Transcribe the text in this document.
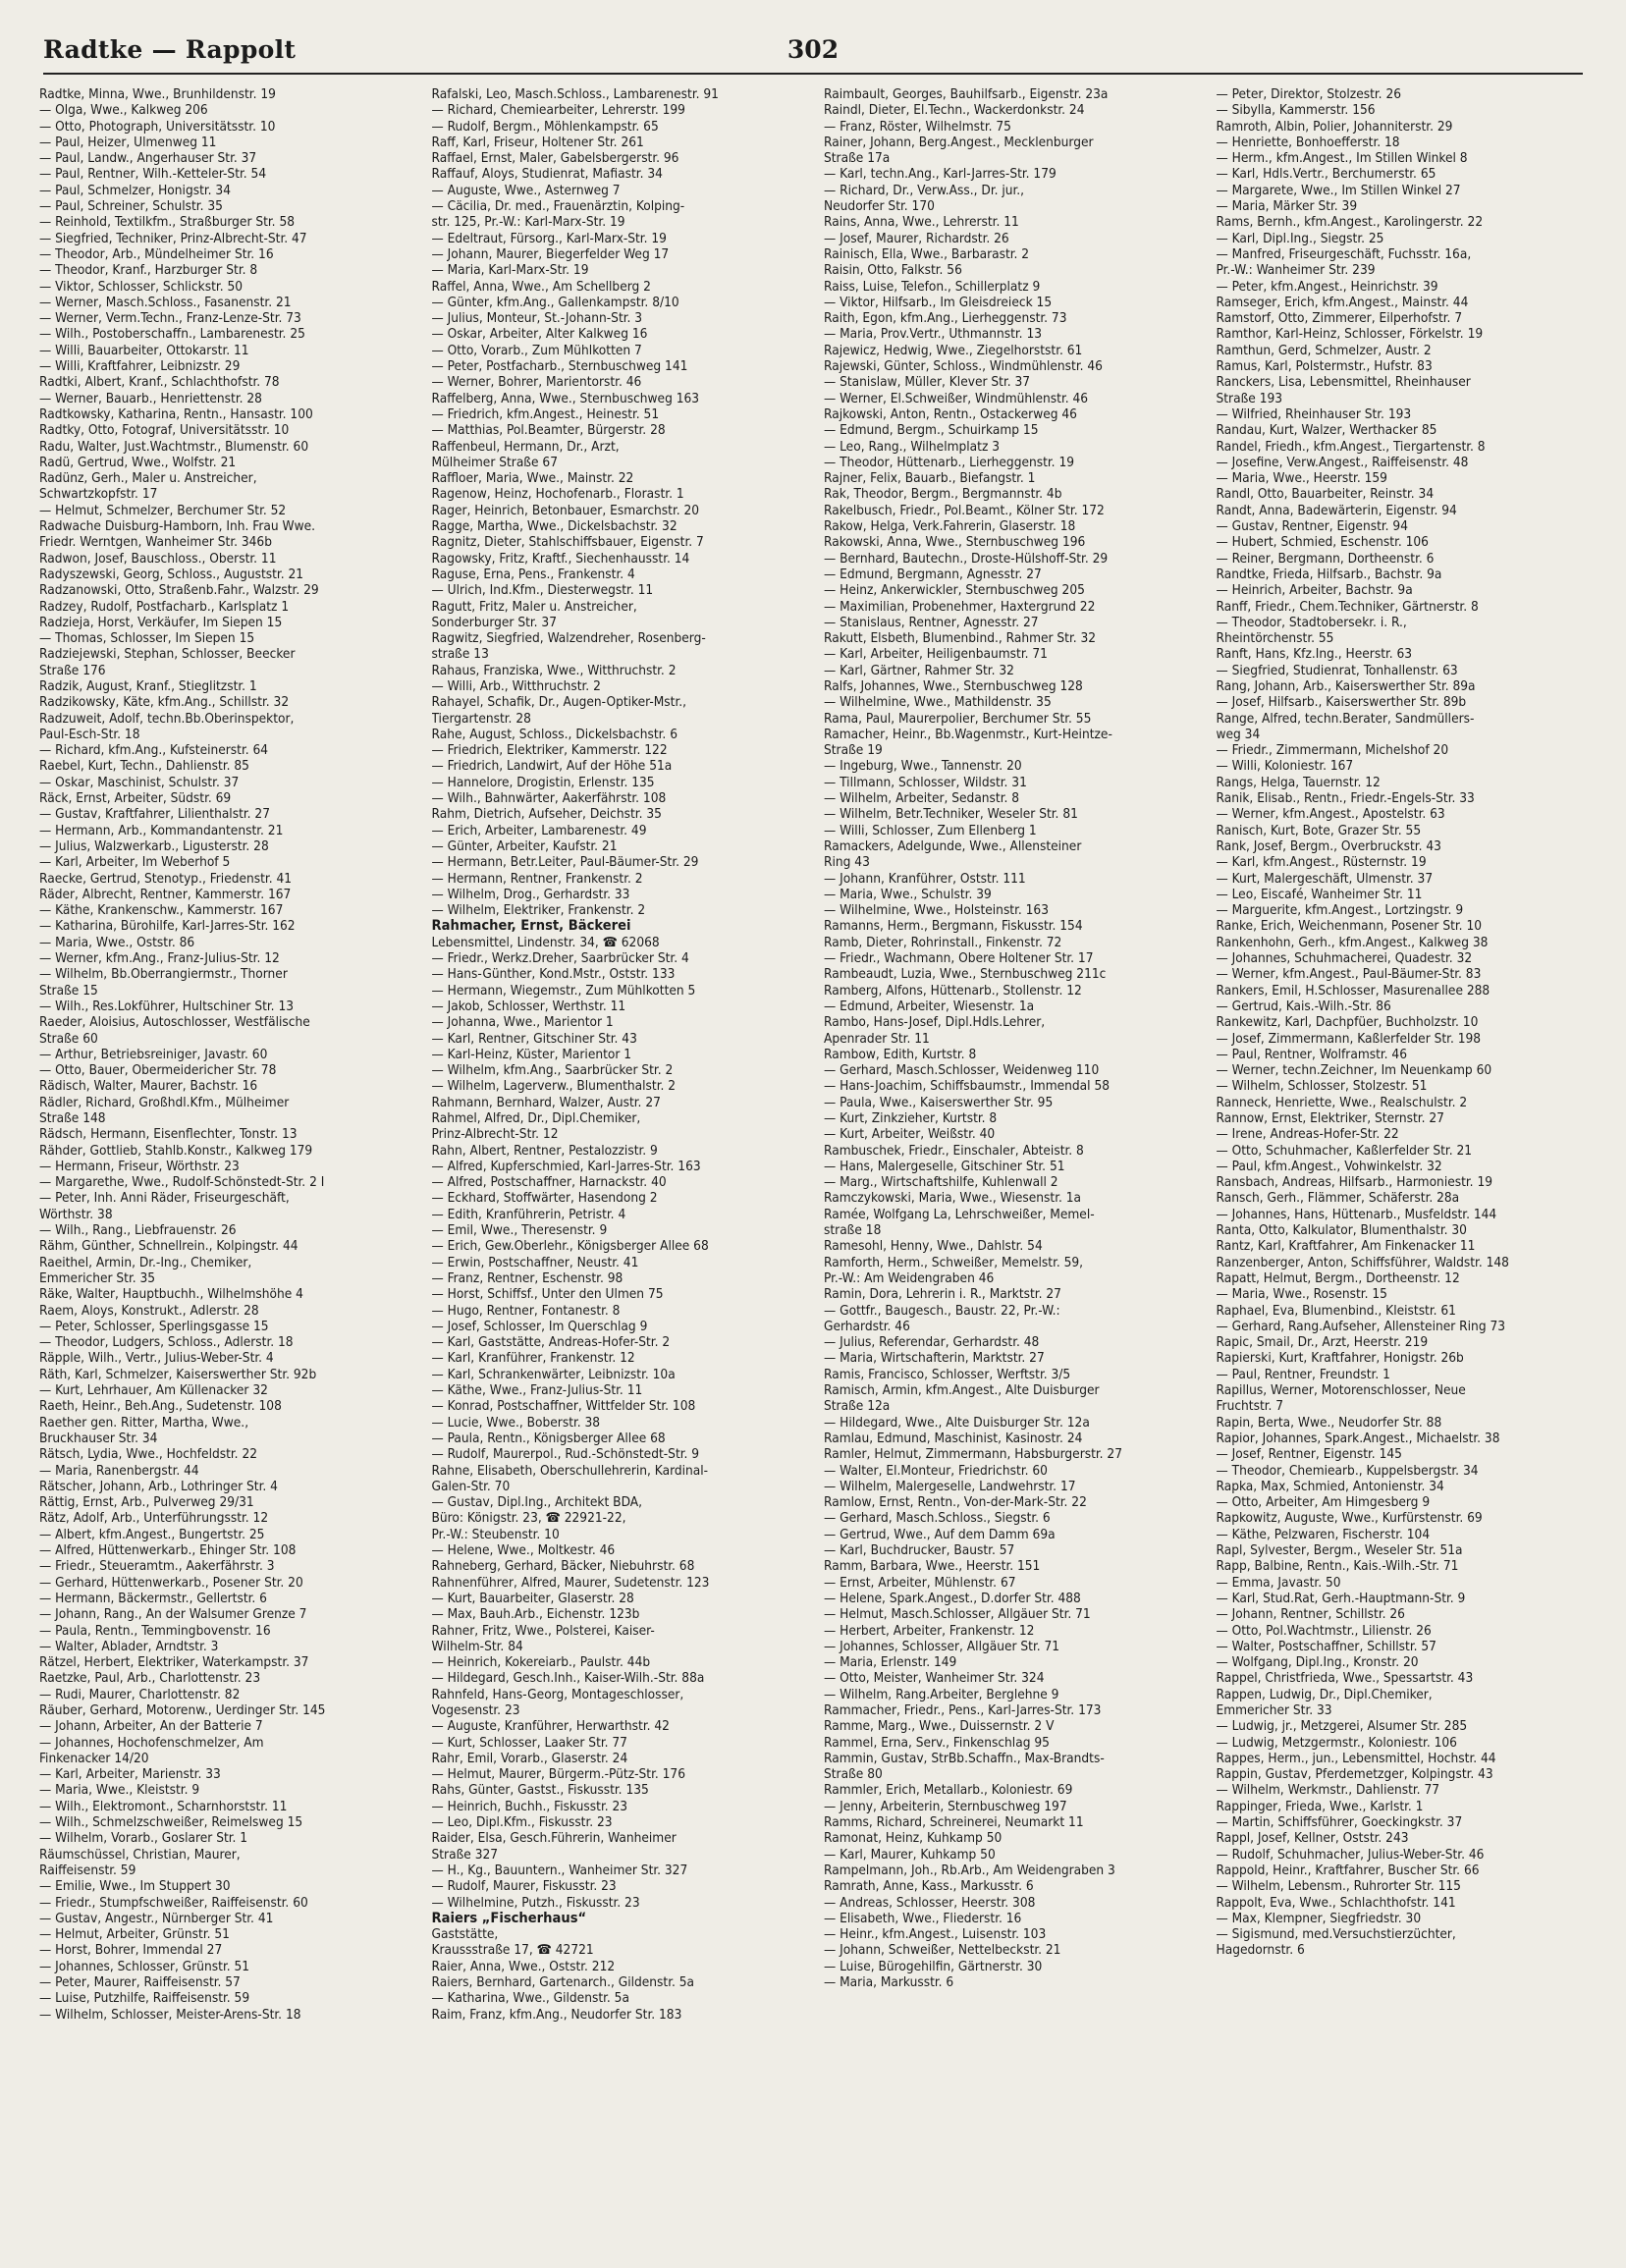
Radtke — Rappolt	302
Radtke, Minna, Wwe., Brunhildenstr. 19
— Olga, Wwe., Kalkweg 206
— Otto, Photograph, Universitätsstr. 10
— Paul, Heizer, Ulmenweg 11
— Paul, Landw., Angerhauser Str. 37
— Paul, Rentner, Wilh.-Ketteler-Str. 54
— Paul, Schmelzer, Honigstr. 34
— Paul, Schreiner, Schulstr. 35
— Reinhold, Textilkfm., Straßburger Str. 58
— Siegfried, Techniker, Prinz-Albrecht-Str. 47
— Theodor, Arb., Mündelheimer Str. 16
— Theodor, Kranf., Harzburger Str. 8
— Viktor, Schlosser, Schlickstr. 50
— Werner, Masch.Schloss., Fasanenstr. 21
— Werner, Verm.Techn., Franz-Lenze-Str. 73
— Wilh., Postoberschaffn., Lambarenestr. 25
— Willi, Bauarbeiter, Ottokarstr. 11
— Willi, Kraftfahrer, Leibnizstr. 29
Radtki, Albert, Kranf., Schlachthofstr. 78
— Werner, Bauarb., Henriettenstr. 28
Radtkowsky, Katharina, Rentn., Hansastr. 100
Radtky, Otto, Fotograf, Universitätsstr. 10
Radu, Walter, Just.Wachtmstr., Blumenstr. 60
Radü, Gertrud, Wwe., Wolfstr. 21
Radünz, Gerh., Maler u. Anstreicher,
Schwartzkopfstr. 17
— Helmut, Schmelzer, Berchumer Str. 52
Radwache Duisburg-Hamborn, Inh. Frau Wwe.
Friedr. Werntgen, Wanheimer Str. 346b
Radwon, Josef, Bauschloss., Oberstr. 11
Radyszewski, Georg, Schloss., Auguststr. 21
Radzanowski, Otto, Straßenb.Fahr., Walzstr. 29
Radzey, Rudolf, Postfacharb., Karlsplatz 1
Radzieja, Horst, Verkäufer, Im Siepen 15
— Thomas, Schlosser, Im Siepen 15
Radziejewski, Stephan, Schlosser, Beecker
Straße 176
Radzik, August, Kranf., Stieglitzstr. 1
Radzikowsky, Käte, kfm.Ang., Schillstr. 32
Radzuweit, Adolf, techn.Bb.Oberinspektor,
Paul-Esch-Str. 18
— Richard, kfm.Ang., Kufsteinerstr. 64
Raebel, Kurt, Techn., Dahlienstr. 85
— Oskar, Maschinist, Schulstr. 37
Räck, Ernst, Arbeiter, Südstr. 69
— Gustav, Kraftfahrer, Lilienthalstr. 27
— Hermann, Arb., Kommandantenstr. 21
— Julius, Walzwerkarb., Ligusterstr. 28
— Karl, Arbeiter, Im Weberhof 5
Raecke, Gertrud, Stenotyp., Friedenstr. 41
Räder, Albrecht, Rentner, Kammerstr. 167
— Käthe, Krankenschw., Kammerstr. 167
— Katharina, Bürohilfe, Karl-Jarres-Str. 162
— Maria, Wwe., Oststr. 86
— Werner, kfm.Ang., Franz-Julius-Str. 12
— Wilhelm, Bb.Oberrangiermstr., Thorner
Straße 15
— Wilh., Res.Lokführer, Hultschiner Str. 13
Raeder, Aloisius, Autoschlosser, Westfälische
Straße 60
— Arthur, Betriebsreiniger, Javastr. 60
— Otto, Bauer, Obermeidericher Str. 78
Rädisch, Walter, Maurer, Bachstr. 16
Rädler, Richard, Großhdl.Kfm., Mülheimer
Straße 148
Rädsch, Hermann, Eisenflechter, Tonstr. 13
Rähder, Gottlieb, Stahlb.Konstr., Kalkweg 179
— Hermann, Friseur, Wörthstr. 23
— Margarethe, Wwe., Rudolf-Schönstedt-Str. 2 I
— Peter, Inh. Anni Räder, Friseurgeschäft,
Wörthstr. 38
— Wilh., Rang., Liebfrauenstr. 26
Rähm, Günther, Schnellrein., Kolpingstr. 44
Raeithel, Armin, Dr.-Ing., Chemiker,
Emmericher Str. 35
Räke, Walter, Hauptbuchh., Wilhelmshöhe 4
Raem, Aloys, Konstrukt., Adlerstr. 28
— Peter, Schlosser, Sperlingsgasse 15
— Theodor, Ludgers, Schloss., Adlerstr. 18
Räpple, Wilh., Vertr., Julius-Weber-Str. 4
Räth, Karl, Schmelzer, Kaiserswerther Str. 92b
— Kurt, Lehrhauer, Am Küllenacker 32
Raeth, Heinr., Beh.Ang., Sudetenstr. 108
Raether gen. Ritter, Martha, Wwe.,
Bruckhauser Str. 34
Rätsch, Lydia, Wwe., Hochfeldstr. 22
— Maria, Ranenbergstr. 44
Rätscher, Johann, Arb., Lothringer Str. 4
Rättig, Ernst, Arb., Pulverweg 29/31
Rätz, Adolf, Arb., Unterführungsstr. 12
— Albert, kfm.Angest., Bungertstr. 25
— Alfred, Hüttenwerkarb., Ehinger Str. 108
— Friedr., Steueramtm., Aakerfährstr. 3
— Gerhard, Hüttenwerkarb., Posener Str. 20
— Hermann, Bäckermstr., Gellertstr. 6
— Johann, Rang., An der Walsumer Grenze 7
— Paula, Rentn., Temmingbovenstr. 16
— Walter, Ablader, Arndtstr. 3
Rätzel, Herbert, Elektriker, Waterkampstr. 37
Raetzke, Paul, Arb., Charlottenstr. 23
— Rudi, Maurer, Charlottenstr. 82
Räuber, Gerhard, Motorenw., Uerdinger Str. 145
— Johann, Arbeiter, An der Batterie 7
— Johannes, Hochofenschmelzer, Am
Finkenacker 14/20
— Karl, Arbeiter, Marienstr. 33
— Maria, Wwe., Kleiststr. 9
— Wilh., Elektromont., Scharnhorststr. 11
— Wilh., Schmelzschweißer, Reimelsweg 15
— Wilhelm, Vorarb., Goslarer Str. 1
Räumschüssel, Christian, Maurer,
Raiffeisenstr. 59
— Emilie, Wwe., Im Stuppert 30
— Friedr., Stumpfschweißer, Raiffeisenstr. 60
— Gustav, Angestr., Nürnberger Str. 41
— Helmut, Arbeiter, Grünstr. 51
— Horst, Bohrer, Immendal 27
— Johannes, Schlosser, Grünstr. 51
— Peter, Maurer, Raiffeisenstr. 57
— Luise, Putzhilfe, Raiffeisenstr. 59
— Wilhelm, Schlosser, Meister-Arens-Str. 18
Rafalski, Leo, Masch.Schloss., Lambarenestr. 91
— Richard, Chemiearbeiter, Lehrerstr. 199
— Rudolf, Bergm., Möhlenkampstr. 65
Raff, Karl, Friseur, Holtener Str. 261
Raffael, Ernst, Maler, Gabelsbergerstr. 96
Raffauf, Aloys, Studienrat, Mafiastr. 34
— Auguste, Wwe., Asternweg 7
— Cäcilia, Dr. med., Frauenärztin, Kolping-
str. 125, Pr.-W.: Karl-Marx-Str. 19
— Edeltraut, Fürsorg., Karl-Marx-Str. 19
— Johann, Maurer, Biegerfelder Weg 17
— Maria, Karl-Marx-Str. 19
Raffel, Anna, Wwe., Am Schellberg 2
— Günter, kfm.Ang., Gallenkampstr. 8/10
— Julius, Monteur, St.-Johann-Str. 3
— Oskar, Arbeiter, Alter Kalkweg 16
— Otto, Vorarb., Zum Mühlkotten 7
— Peter, Postfacharb., Sternbuschweg 141
— Werner, Bohrer, Marientorstr. 46
Raffelberg, Anna, Wwe., Sternbuschweg 163
— Friedrich, kfm.Angest., Heinestr. 51
— Matthias, Pol.Beamter, Bürgerstr. 28
Raffenbeul, Hermann, Dr., Arzt,
Mülheimer Straße 67
Raffloer, Maria, Wwe., Mainstr. 22
Ragenow, Heinz, Hochofenarb., Florastr. 1
Rager, Heinrich, Betonbauer, Esmarchstr. 20
Ragge, Martha, Wwe., Dickelsbachstr. 32
Ragnitz, Dieter, Stahlschiffsbauer, Eigenstr. 7
Ragowsky, Fritz, Kraftf., Siechenhausstr. 14
Raguse, Erna, Pens., Frankenstr. 4
— Ulrich, Ind.Kfm., Diesterwegstr. 11
Ragutt, Fritz, Maler u. Anstreicher,
Sonderburger Str. 37
Ragwitz, Siegfried, Walzendreher, Rosenberg-
straße 13
Rahaus, Franziska, Wwe., Witthruchstr. 2
— Willi, Arb., Witthruchstr. 2
Rahayel, Schafik, Dr., Augen-Optiker-Mstr.,
Tiergartenstr. 28
Rahe, August, Schloss., Dickelsbachstr. 6
— Friedrich, Elektriker, Kammerstr. 122
— Friedrich, Landwirt, Auf der Höhe 51a
— Hannelore, Drogistin, Erlenstr. 135
— Wilh., Bahnwärter, Aakerfährstr. 108
Rahm, Dietrich, Aufseher, Deichstr. 35
— Erich, Arbeiter, Lambarenestr. 49
— Günter, Arbeiter, Kaufstr. 21
— Hermann, Betr.Leiter, Paul-Bäumer-Str. 29
— Hermann, Rentner, Frankenstr. 2
— Wilhelm, Drog., Gerhardstr. 33
— Wilhelm, Elektriker, Frankenstr. 2
Rahmacher, Ernst, Bäckerei
Lebensmittel, Lindenstr. 34, ☎ 62068
— Friedr., Werkz.Dreher, Saarbrücker Str. 4
— Hans-Günther, Kond.Mstr., Oststr. 133
— Hermann, Wiegemstr., Zum Mühlkotten 5
— Jakob, Schlosser, Werthstr. 11
— Johanna, Wwe., Marientor 1
— Karl, Rentner, Gitschiner Str. 43
— Karl-Heinz, Küster, Marientor 1
— Wilhelm, kfm.Ang., Saarbrücker Str. 2
— Wilhelm, Lagerverw., Blumenthalstr. 2
Rahmann, Bernhard, Walzer, Austr. 27
Rahmel, Alfred, Dr., Dipl.Chemiker,
Prinz-Albrecht-Str. 12
Rahn, Albert, Rentner, Pestalozzistr. 9
— Alfred, Kupferschmied, Karl-Jarres-Str. 163
— Alfred, Postschaffner, Harnackstr. 40
— Eckhard, Stoffwärter, Hasendong 2
— Edith, Kranführerin, Petristr. 4
— Emil, Wwe., Theresenstr. 9
— Erich, Gew.Oberlehr., Königsberger Allee 68
— Erwin, Postschaffner, Neustr. 41
— Franz, Rentner, Eschenstr. 98
— Horst, Schiffsf., Unter den Ulmen 75
— Hugo, Rentner, Fontanestr. 8
— Josef, Schlosser, Im Querschlag 9
— Karl, Gaststätte, Andreas-Hofer-Str. 2
— Karl, Kranführer, Frankenstr. 12
— Karl, Schrankenwärter, Leibnizstr. 10a
— Käthe, Wwe., Franz-Julius-Str. 11
— Konrad, Postschaffner, Wittfelder Str. 108
— Lucie, Wwe., Boberstr. 38
— Paula, Rentn., Königsberger Allee 68
— Rudolf, Maurerpol., Rud.-Schönstedt-Str. 9
Rahne, Elisabeth, Oberschullehrerin, Kardinal-
Galen-Str. 70
— Gustav, Dipl.Ing., Architekt BDA,
Büro: Königstr. 23, ☎ 22921-22,
Pr.-W.: Steubenstr. 10
— Helene, Wwe., Moltkestr. 46
Rahneberg, Gerhard, Bäcker, Niebuhrstr. 68
Rahnenführer, Alfred, Maurer, Sudetenstr. 123
— Kurt, Bauarbeiter, Glaserstr. 28
— Max, Bauh.Arb., Eichenstr. 123b
Rahner, Fritz, Wwe., Polsterei, Kaiser-
Wilhelm-Str. 84
— Heinrich, Kokereiarb., Paulstr. 44b
— Hildegard, Gesch.Inh., Kaiser-Wilh.-Str. 88a
Rahnfeld, Hans-Georg, Montageschlosser,
Vogesenstr. 23
— Auguste, Kranführer, Herwarthstr. 42
— Kurt, Schlosser, Laaker Str. 77
Rahr, Emil, Vorarb., Glaserstr. 24
— Helmut, Maurer, Bürgerm.-Pütz-Str. 176
Rahs, Günter, Gastst., Fiskusstr. 135
— Heinrich, Buchh., Fiskusstr. 23
— Leo, Dipl.Kfm., Fiskusstr. 23
Raider, Elsa, Gesch.Führerin, Wanheimer
Straße 327
— H., Kg., Bauuntern., Wanheimer Str. 327
— Rudolf, Maurer, Fiskusstr. 23
— Wilhelmine, Putzh., Fiskusstr. 23
Raiers „Fischerhaus“
Gaststätte,
Kraussstraße 17, ☎ 42721
Raier, Anna, Wwe., Oststr. 212
Raiers, Bernhard, Gartenarch., Gildenstr. 5a
— Katharina, Wwe., Gildenstr. 5a
Raim, Franz, kfm.Ang., Neudorfer Str. 183
Raimbault, Georges, Bauhilfsarb., Eigenstr. 23a
Raindl, Dieter, El.Techn., Wackerdonkstr. 24
— Franz, Röster, Wilhelmstr. 75
Rainer, Johann, Berg.Angest., Mecklenburger
Straße 17a
— Karl, techn.Ang., Karl-Jarres-Str. 179
— Richard, Dr., Verw.Ass., Dr. jur.,
Neudorfer Str. 170
Rains, Anna, Wwe., Lehrerstr. 11
— Josef, Maurer, Richardstr. 26
Rainisch, Ella, Wwe., Barbarastr. 2
Raisin, Otto, Falkstr. 56
Raiss, Luise, Telefon., Schillerplatz 9
— Viktor, Hilfsarb., Im Gleisdreieck 15
Raith, Egon, kfm.Ang., Lierheggenstr. 73
— Maria, Prov.Vertr., Uthmannstr. 13
Rajewicz, Hedwig, Wwe., Ziegelhorststr. 61
Rajewski, Günter, Schloss., Windmühlenstr. 46
— Stanislaw, Müller, Klever Str. 37
— Werner, El.Schweißer, Windmühlenstr. 46
Rajkowski, Anton, Rentn., Ostackerweg 46
— Edmund, Bergm., Schuirkamp 15
— Leo, Rang., Wilhelmplatz 3
— Theodor, Hüttenarb., Lierheggenstr. 19
Rajner, Felix, Bauarb., Biefangstr. 1
Rak, Theodor, Bergm., Bergmannstr. 4b
Rakelbusch, Friedr., Pol.Beamt., Kölner Str. 172
Rakow, Helga, Verk.Fahrerin, Glaserstr. 18
Rakowski, Anna, Wwe., Sternbuschweg 196
— Bernhard, Bautechn., Droste-Hülshoff-Str. 29
— Edmund, Bergmann, Agnesstr. 27
— Heinz, Ankerwickler, Sternbuschweg 205
— Maximilian, Probenehmer, Haxtergrund 22
— Stanislaus, Rentner, Agnesstr. 27
Rakutt, Elsbeth, Blumenbind., Rahmer Str. 32
— Karl, Arbeiter, Heiligenbaumstr. 71
— Karl, Gärtner, Rahmer Str. 32
Ralfs, Johannes, Wwe., Sternbuschweg 128
— Wilhelmine, Wwe., Mathildenstr. 35
Rama, Paul, Maurerpolier, Berchumer Str. 55
Ramacher, Heinr., Bb.Wagenmstr., Kurt-Heintze-
Straße 19
— Ingeburg, Wwe., Tannenstr. 20
— Tillmann, Schlosser, Wildstr. 31
— Wilhelm, Arbeiter, Sedanstr. 8
— Wilhelm, Betr.Techniker, Weseler Str. 81
— Willi, Schlosser, Zum Ellenberg 1
Ramackers, Adelgunde, Wwe., Allensteiner
Ring 43
— Johann, Kranführer, Oststr. 111
— Maria, Wwe., Schulstr. 39
— Wilhelmine, Wwe., Holsteinstr. 163
Ramanns, Herm., Bergmann, Fiskusstr. 154
Ramb, Dieter, Rohrinstall., Finkenstr. 72
— Friedr., Wachmann, Obere Holtener Str. 17
Rambeaudt, Luzia, Wwe., Sternbuschweg 211c
Ramberg, Alfons, Hüttenarb., Stollenstr. 12
— Edmund, Arbeiter, Wiesenstr. 1a
Rambo, Hans-Josef, Dipl.Hdls.Lehrer,
Apenrader Str. 11
Rambow, Edith, Kurtstr. 8
— Gerhard, Masch.Schlosser, Weidenweg 110
— Hans-Joachim, Schiffsbaumstr., Immendal 58
— Paula, Wwe., Kaiserswerther Str. 95
— Kurt, Zinkzieher, Kurtstr. 8
— Kurt, Arbeiter, Weißstr. 40
Rambuschek, Friedr., Einschaler, Abteistr. 8
— Hans, Malergeselle, Gitschiner Str. 51
— Marg., Wirtschaftshilfe, Kuhlenwall 2
Ramczykowski, Maria, Wwe., Wiesenstr. 1a
Ramée, Wolfgang La, Lehrschweißer, Memel-
straße 18
Ramesohl, Henny, Wwe., Dahlstr. 54
Ramforth, Herm., Schweißer, Memelstr. 59,
Pr.-W.: Am Weidengraben 46
Ramin, Dora, Lehrerin i. R., Marktstr. 27
— Gottfr., Baugesch., Baustr. 22, Pr.-W.:
Gerhardstr. 46
— Julius, Referendar, Gerhardstr. 48
— Maria, Wirtschafterin, Marktstr. 27
Ramis, Francisco, Schlosser, Werftstr. 3/5
Ramisch, Armin, kfm.Angest., Alte Duisburger
Straße 12a
— Hildegard, Wwe., Alte Duisburger Str. 12a
Ramlau, Edmund, Maschinist, Kasinostr. 24
Ramler, Helmut, Zimmermann, Habsburgerstr. 27
— Walter, El.Monteur, Friedrichstr. 60
— Wilhelm, Malergeselle, Landwehrstr. 17
Ramlow, Ernst, Rentn., Von-der-Mark-Str. 22
— Gerhard, Masch.Schloss., Siegstr. 6
— Gertrud, Wwe., Auf dem Damm 69a
— Karl, Buchdrucker, Baustr. 57
Ramm, Barbara, Wwe., Heerstr. 151
— Ernst, Arbeiter, Mühlenstr. 67
— Helene, Spark.Angest., D.dorfer Str. 488
— Helmut, Masch.Schlosser, Allgäuer Str. 71
— Herbert, Arbeiter, Frankenstr. 12
— Johannes, Schlosser, Allgäuer Str. 71
— Maria, Erlenstr. 149
— Otto, Meister, Wanheimer Str. 324
— Wilhelm, Rang.Arbeiter, Berglehne 9
Rammacher, Friedr., Pens., Karl-Jarres-Str. 173
Ramme, Marg., Wwe., Duissernstr. 2 V
Rammel, Erna, Serv., Finkenschlag 95
Rammin, Gustav, StrBb.Schaffn., Max-Brandts-
Straße 80
Rammler, Erich, Metallarb., Koloniestr. 69
— Jenny, Arbeiterin, Sternbuschweg 197
Ramms, Richard, Schreinerei, Neumarkt 11
Ramonat, Heinz, Kuhkamp 50
— Karl, Maurer, Kuhkamp 50
Rampelmann, Joh., Rb.Arb., Am Weidengraben 3
Ramrath, Anne, Kass., Markusstr. 6
— Andreas, Schlosser, Heerstr. 308
— Elisabeth, Wwe., Fliederstr. 16
— Heinr., kfm.Angest., Luisenstr. 103
— Johann, Schweißer, Nettelbeckstr. 21
— Luise, Bürogehilfin, Gärtnerstr. 30
— Maria, Markusstr. 6
— Peter, Direktor, Stolzestr. 26
— Sibylla, Kammerstr. 156
Ramroth, Albin, Polier, Johanniterstr. 29
— Henriette, Bonhoefferstr. 18
— Herm., kfm.Angest., Im Stillen Winkel 8
— Karl, Hdls.Vertr., Berchumerstr. 65
— Margarete, Wwe., Im Stillen Winkel 27
— Maria, Märker Str. 39
Rams, Bernh., kfm.Angest., Karolingerstr. 22
— Karl, Dipl.Ing., Siegstr. 25
— Manfred, Friseurgeschäft, Fuchsstr. 16a,
Pr.-W.: Wanheimer Str. 239
— Peter, kfm.Angest., Heinrichstr. 39
Ramseger, Erich, kfm.Angest., Mainstr. 44
Ramstorf, Otto, Zimmerer, Eilperhofstr. 7
Ramthor, Karl-Heinz, Schlosser, Förkelstr. 19
Ramthun, Gerd, Schmelzer, Austr. 2
Ramus, Karl, Polstermstr., Hufstr. 83
Ranckers, Lisa, Lebensmittel, Rheinhauser
Straße 193
— Wilfried, Rheinhauser Str. 193
Randau, Kurt, Walzer, Werthacker 85
Randel, Friedh., kfm.Angest., Tiergartenstr. 8
— Josefine, Verw.Angest., Raiffeisenstr. 48
— Maria, Wwe., Heerstr. 159
Randl, Otto, Bauarbeiter, Reinstr. 34
Randt, Anna, Badewärterin, Eigenstr. 94
— Gustav, Rentner, Eigenstr. 94
— Hubert, Schmied, Eschenstr. 106
— Reiner, Bergmann, Dortheenstr. 6
Randtke, Frieda, Hilfsarb., Bachstr. 9a
— Heinrich, Arbeiter, Bachstr. 9a
Ranff, Friedr., Chem.Techniker, Gärtnerstr. 8
— Theodor, Stadtobersekr. i. R.,
Rheintörchenstr. 55
Ranft, Hans, Kfz.Ing., Heerstr. 63
— Siegfried, Studienrat, Tonhallenstr. 63
Rang, Johann, Arb., Kaiserswerther Str. 89a
— Josef, Hilfsarb., Kaiserswerther Str. 89b
Range, Alfred, techn.Berater, Sandmüllers-
weg 34
— Friedr., Zimmermann, Michelshof 20
— Willi, Koloniestr. 167
Rangs, Helga, Tauernstr. 12
Ranik, Elisab., Rentn., Friedr.-Engels-Str. 33
— Werner, kfm.Angest., Apostelstr. 63
Ranisch, Kurt, Bote, Grazer Str. 55
Rank, Josef, Bergm., Overbruckstr. 43
— Karl, kfm.Angest., Rüsternstr. 19
— Kurt, Malergeschäft, Ulmenstr. 37
— Leo, Eiscafé, Wanheimer Str. 11
— Marguerite, kfm.Angest., Lortzingstr. 9
Ranke, Erich, Weichenmann, Posener Str. 10
Rankenhohn, Gerh., kfm.Angest., Kalkweg 38
— Johannes, Schuhmacherei, Quadestr. 32
— Werner, kfm.Angest., Paul-Bäumer-Str. 83
Rankers, Emil, H.Schlosser, Masurenallee 288
— Gertrud, Kais.-Wilh.-Str. 86
Rankewitz, Karl, Dachpfüer, Buchholzstr. 10
— Josef, Zimmermann, Kaßlerfelder Str. 198
— Paul, Rentner, Wolframstr. 46
— Werner, techn.Zeichner, Im Neuenkamp 60
— Wilhelm, Schlosser, Stolzestr. 51
Ranneck, Henriette, Wwe., Realschulstr. 2
Rannow, Ernst, Elektriker, Sternstr. 27
— Irene, Andreas-Hofer-Str. 22
— Otto, Schuhmacher, Kaßlerfelder Str. 21
— Paul, kfm.Angest., Vohwinkelstr. 32
Ransbach, Andreas, Hilfsarb., Harmoniestr. 19
Ransch, Gerh., Flämmer, Schäferstr. 28a
— Johannes, Hans, Hüttenarb., Musfeldstr. 144
Ranta, Otto, Kalkulator, Blumenthalstr. 30
Rantz, Karl, Kraftfahrer, Am Finkenacker 11
Ranzenberger, Anton, Schiffsführer, Waldstr. 148
Rapatt, Helmut, Bergm., Dortheenstr. 12
— Maria, Wwe., Rosenstr. 15
Raphael, Eva, Blumenbind., Kleiststr. 61
— Gerhard, Rang.Aufseher, Allensteiner Ring 73
Rapic, Smail, Dr., Arzt, Heerstr. 219
Rapierski, Kurt, Kraftfahrer, Honigstr. 26b
— Paul, Rentner, Freundstr. 1
Rapillus, Werner, Motorenschlosser, Neue
Fruchtstr. 7
Rapin, Berta, Wwe., Neudorfer Str. 88
Rapior, Johannes, Spark.Angest., Michaelstr. 38
— Josef, Rentner, Eigenstr. 145
— Theodor, Chemiearb., Kuppelsbergstr. 34
Rapka, Max, Schmied, Antonienstr. 34
— Otto, Arbeiter, Am Himgesberg 9
Rapkowitz, Auguste, Wwe., Kurfürstenstr. 69
— Käthe, Pelzwaren, Fischerstr. 104
Rapl, Sylvester, Bergm., Weseler Str. 51a
Rapp, Balbine, Rentn., Kais.-Wilh.-Str. 71
— Emma, Javastr. 50
— Karl, Stud.Rat, Gerh.-Hauptmann-Str. 9
— Johann, Rentner, Schillstr. 26
— Otto, Pol.Wachtmstr., Lilienstr. 26
— Walter, Postschaffner, Schillstr. 57
— Wolfgang, Dipl.Ing., Kronstr. 20
Rappel, Christfrieda, Wwe., Spessartstr. 43
Rappen, Ludwig, Dr., Dipl.Chemiker,
Emmericher Str. 33
— Ludwig, jr., Metzgerei, Alsumer Str. 285
— Ludwig, Metzgermstr., Koloniestr. 106
Rappes, Herm., jun., Lebensmittel, Hochstr. 44
Rappin, Gustav, Pferdemetzger, Kolpingstr. 43
— Wilhelm, Werkmstr., Dahlienstr. 77
Rappinger, Frieda, Wwe., Karlstr. 1
— Martin, Schiffsführer, Goeckingkstr. 37
Rappl, Josef, Kellner, Oststr. 243
— Rudolf, Schuhmacher, Julius-Weber-Str. 46
Rappold, Heinr., Kraftfahrer, Buscher Str. 66
— Wilhelm, Lebensm., Ruhrorter Str. 115
Rappolt, Eva, Wwe., Schlachthofstr. 141
— Max, Klempner, Siegfriedstr. 30
— Sigismund, med.Versuchstierzüchter,
Hagedornstr. 6
